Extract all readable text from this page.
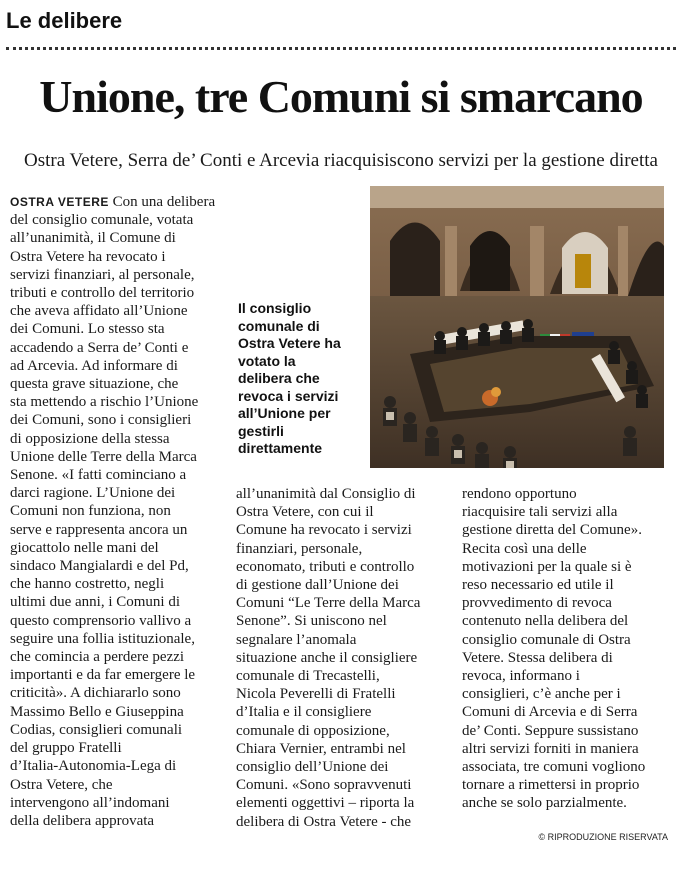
Le delibere
Unione, tre Comuni si smarcano
Ostra Vetere, Serra de’ Conti e Arcevia riacquisiscono servizi per la gestione diretta
OSTRA VETERE Con una delibera
del consiglio comunale, votata
all’unanimità, il Comune di
Ostra Vetere ha revocato i
servizi finanziari, al personale,
tributi e controllo del territorio
che aveva affidato all’Unione
dei Comuni. Lo stesso sta
accadendo a Serra de’ Conti e
ad Arcevia. Ad informare di
questa grave situazione, che
sta mettendo a rischio l’Unione
dei Comuni, sono i consiglieri
di opposizione della stessa
Unione delle Terre della Marca
Senone. «I fatti cominciano a
darci ragione. L’Unione dei
Comuni non funziona, non
serve e rappresenta ancora un
giocattolo nelle mani del
sindaco Mangialardi e del Pd,
che hanno costretto, negli
ultimi due anni, i Comuni di
questo comprensorio vallivo a
seguire una follia istituzionale,
che comincia a perdere pezzi
importanti e da far emergere le
criticità». A dichiararlo sono
Massimo Bello e Giuseppina
Codias, consiglieri comunali
del gruppo Fratelli
d’Italia-Autonomia-Lega di
Ostra Vetere, che
intervengono all’indomani
della delibera approvata
all’unanimità dal Consiglio di
Ostra Vetere, con cui il
Comune ha revocato i servizi
finanziari, personale,
economato, tributi e controllo
di gestione dall’Unione dei
Comuni “Le Terre della Marca
Senone”. Si uniscono nel
segnalare l’anomala
situazione anche il consigliere
comunale di Trecastelli,
Nicola Peverelli di Fratelli
d’Italia e il consigliere
comunale di opposizione,
Chiara Vernier, entrambi nel
consiglio dell’Unione dei
Comuni. «Sono sopravvenuti
elementi oggettivi – riporta la
delibera di Ostra Vetere - che
rendono opportuno
riacquisire tali servizi alla
gestione diretta del Comune».
Recita così una delle
motivazioni per la quale si è
reso necessario ed utile il
provvedimento di revoca
contenuto nella delibera del
consiglio comunale di Ostra
Vetere. Stessa delibera di
revoca, informano i
consiglieri, c’è anche per i
Comuni di Arcevia e di Serra
de’ Conti. Seppure sussistano
altri servizi forniti in maniera
associata, tre comuni vogliono
tornare a rimettersi in proprio
anche se solo parzialmente.
Il consiglio
comunale di
Ostra Vetere ha
votato la
delibera che
revoca i servizi
all’Unione per
gestirli
direttamente
© RIPRODUZIONE RISERVATA
